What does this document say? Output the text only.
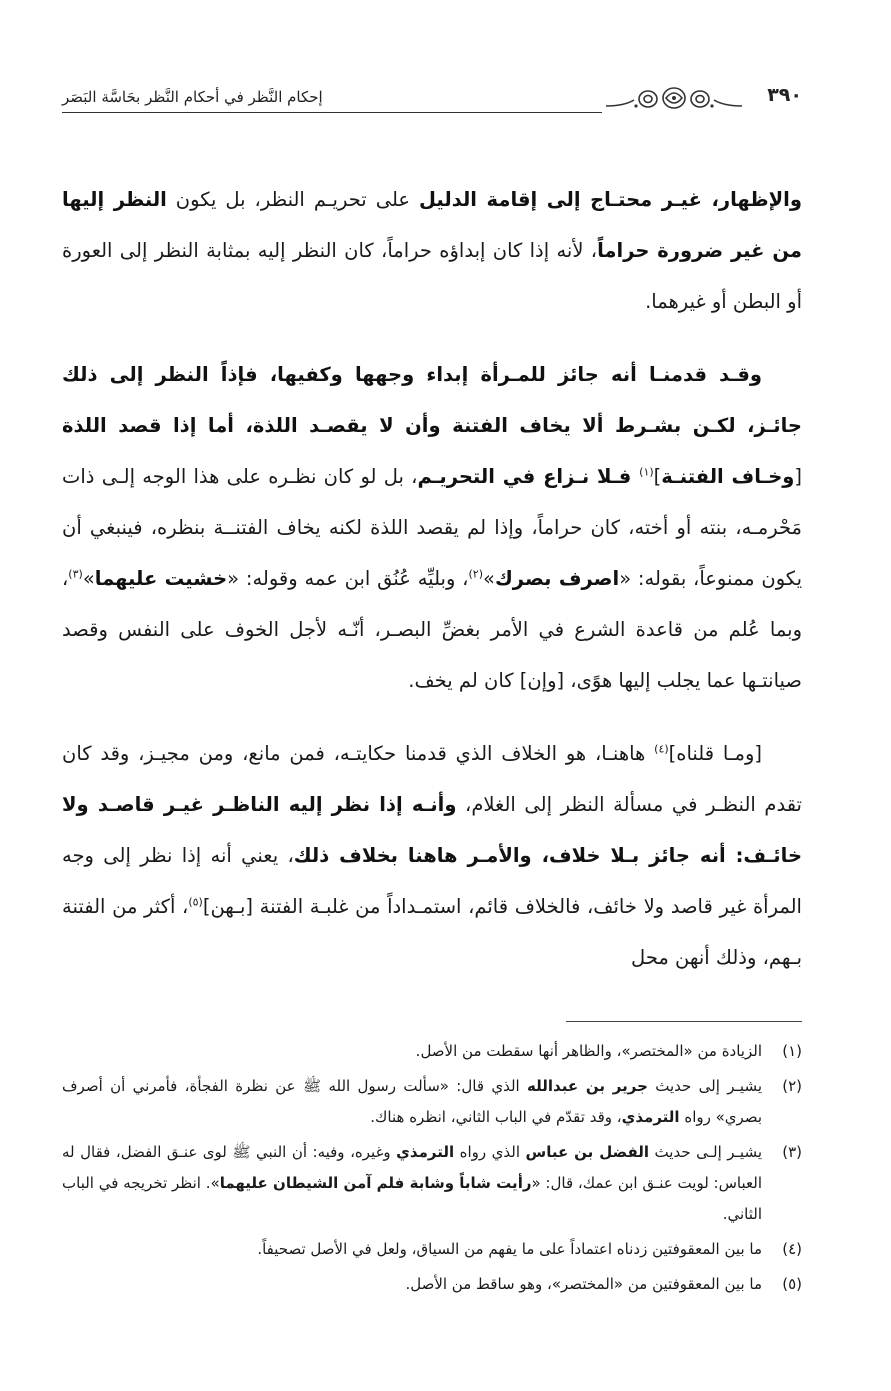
٣٩٠
إحكام النَّظر في أحكام النَّظر بحَاسَّة البَصَر

والإظهار، غيـر محتـاج إلى إقامة الدليل على تحريـم النظر، بل يكون النظر إليها من غير ضرورة حراماً، لأنه إذا كان إبداؤه حراماً، كان النظر إليه بمثابة النظر إلى العورة أو البطن أو غيرهما.

وقـد قدمنـا أنه جائز للمـرأة إبداء وجهها وكفيها، فإذاً النظر إلى ذلك جائـز، لكـن بشـرط ألا يخاف الفتنة وأن لا يقصـد اللذة، أما إذا قصد اللذة [وخـاف الفتنـة]$^{(١)}$ فـلا نـزاع في التحريـم، بل لو كان نظـره على هذا الوجه إلـى ذات مَحْرمـه، بنته أو أخته، كان حراماً، وإذا لم يقصد اللذة لكنه يخاف الفتنــة بنظره، فينبغي أن يكون ممنوعاً، بقوله: «اصرف بصرك»$^{(٢)}$، وبليِّه عُنُق ابن عمه وقوله: «خشيت عليهما»$^{(٣)}$، وبما عُلم من قاعدة الشرع في الأمر بغضِّ البصـر، أنّـه لأجل الخوف على النفس وقصد صيانتـها عما يجلب إليها هوًى، [وإن] كان لم يخف.

[ومـا قلناه]$^{(٤)}$ هاهنـا، هو الخلاف الذي قدمنا حكايتـه، فمن مانع، ومن مجيـز، وقد كان تقدم النظـر في مسألة النظر إلى الغلام، وأنـه إذا نظر إليه الناظـر غيـر قاصـد ولا خائـف: أنه جائز بـلا خلاف، والأمـر هاهنا بخلاف ذلك، يعني أنه إذا نظر إلى وجه المرأة غير قاصد ولا خائف، فالخلاف قائم، استمـداداً من غلبـة الفتنة [بـهن]$^{(٥)}$، أكثر من الفتنة بـهم، وذلك أنهن محل

(١)
الزيادة من «المختصر»، والظاهر أنها سقطت من الأصل.
(٢)
يشيـر إلى حديث جرير بن عبدالله الذي قال: «سألت رسول الله ﷺ عن نظرة الفجأة، فأمرني أن أصرف بصري» رواه الترمذي، وقد تقدّم في الباب الثاني، انظره هناك.
(٣)
يشيـر إلـى حديث الفضل بن عباس الذي رواه الترمذي وغيره، وفيه: أن النبي ﷺ لوى عنـق الفضل، فقال له العباس: لويت عنـق ابن عمك، قال: «رأيت شاباً وشابة فلم آمن الشيطان عليهما». انظر تخريجه في الباب الثاني.
(٤)
ما بين المعقوفتين زدناه اعتماداً على ما يفهم من السياق، ولعل في الأصل تصحيفاً.
(٥)
ما بين المعقوفتين من «المختصر»، وهو ساقط من الأصل.
